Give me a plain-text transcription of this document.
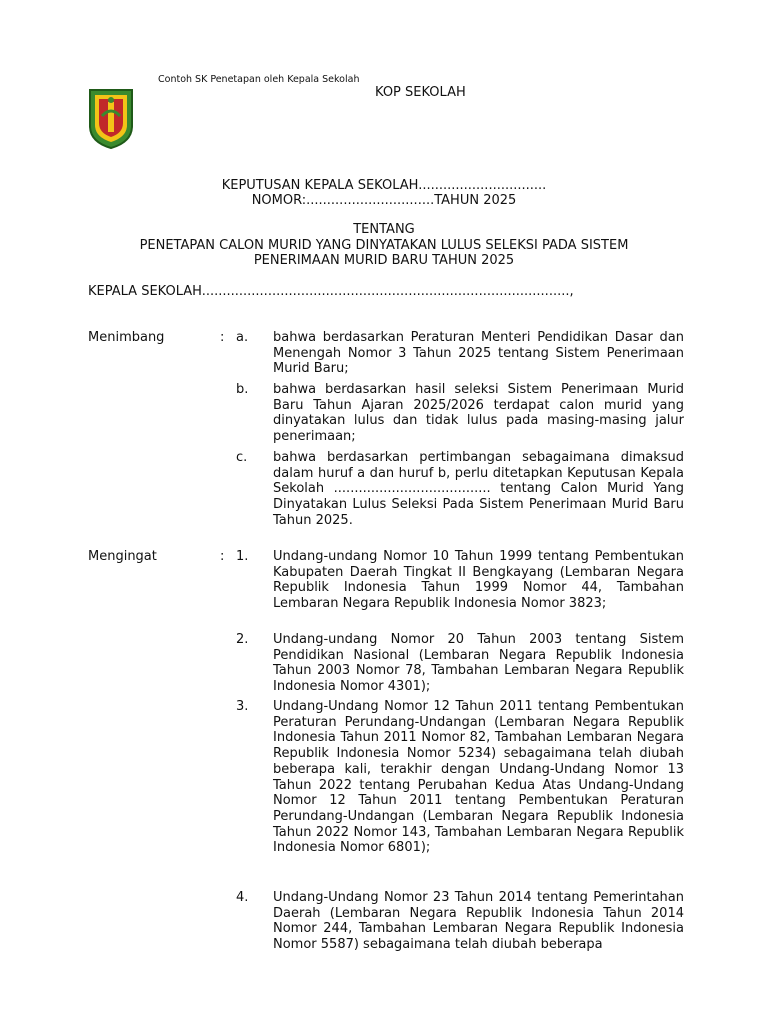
Contoh SK Penetapan oleh Kepala Sekolah
KOP SEKOLAH
KEPUTUSAN KEPALA SEKOLAH...............................
NOMOR:...............................TAHUN 2025
TENTANG
PENETAPAN CALON MURID YANG DINYATAKAN LULUS SELEKSI PADA SISTEM
PENERIMAAN MURID BARU TAHUN 2025
KEPALA SEKOLAH.........................................................................................,
Menimbang	: a. bahwa berdasarkan Peraturan Menteri Pendidikan Dasar dan Menengah Nomor 3 Tahun 2025 tentang Sistem Penerimaan Murid Baru;
b. bahwa berdasarkan hasil seleksi Sistem Penerimaan Murid Baru Tahun Ajaran 2025/2026 terdapat calon murid yang dinyatakan lulus dan tidak lulus pada masing-masing jalur penerimaan;
c. bahwa berdasarkan pertimbangan sebagaimana dimaksud dalam huruf a dan huruf b, perlu ditetapkan Keputusan Kepala Sekolah ...................................... tentang Calon Murid Yang Dinyatakan Lulus Seleksi Pada Sistem Penerimaan Murid Baru Tahun 2025.
Mengingat	: 1. Undang-undang Nomor 10 Tahun 1999 tentang Pembentukan Kabupaten Daerah Tingkat II Bengkayang (Lembaran Negara Republik Indonesia Tahun 1999 Nomor 44, Tambahan Lembaran Negara Republik Indonesia Nomor 3823;
2. Undang-undang Nomor 20 Tahun 2003 tentang Sistem Pendidikan Nasional (Lembaran Negara Republik Indonesia Tahun 2003 Nomor 78, Tambahan Lembaran Negara Republik Indonesia Nomor 4301);
3. Undang-Undang Nomor 12 Tahun 2011 tentang Pembentukan Peraturan Perundang-Undangan (Lembaran Negara Republik Indonesia Tahun 2011 Nomor 82, Tambahan Lembaran Negara Republik Indonesia Nomor 5234) sebagaimana telah diubah beberapa kali, terakhir dengan Undang-Undang Nomor 13 Tahun 2022 tentang Perubahan Kedua Atas Undang-Undang Nomor 12 Tahun 2011 tentang Pembentukan Peraturan Perundang-Undangan (Lembaran Negara Republik Indonesia Tahun 2022 Nomor 143, Tambahan Lembaran Negara Republik Indonesia Nomor 6801);
4. Undang-Undang Nomor 23 Tahun 2014 tentang Pemerintahan Daerah (Lembaran Negara Republik Indonesia Tahun 2014 Nomor 244, Tambahan Lembaran Negara Republik Indonesia Nomor 5587) sebagaimana telah diubah beberapa
